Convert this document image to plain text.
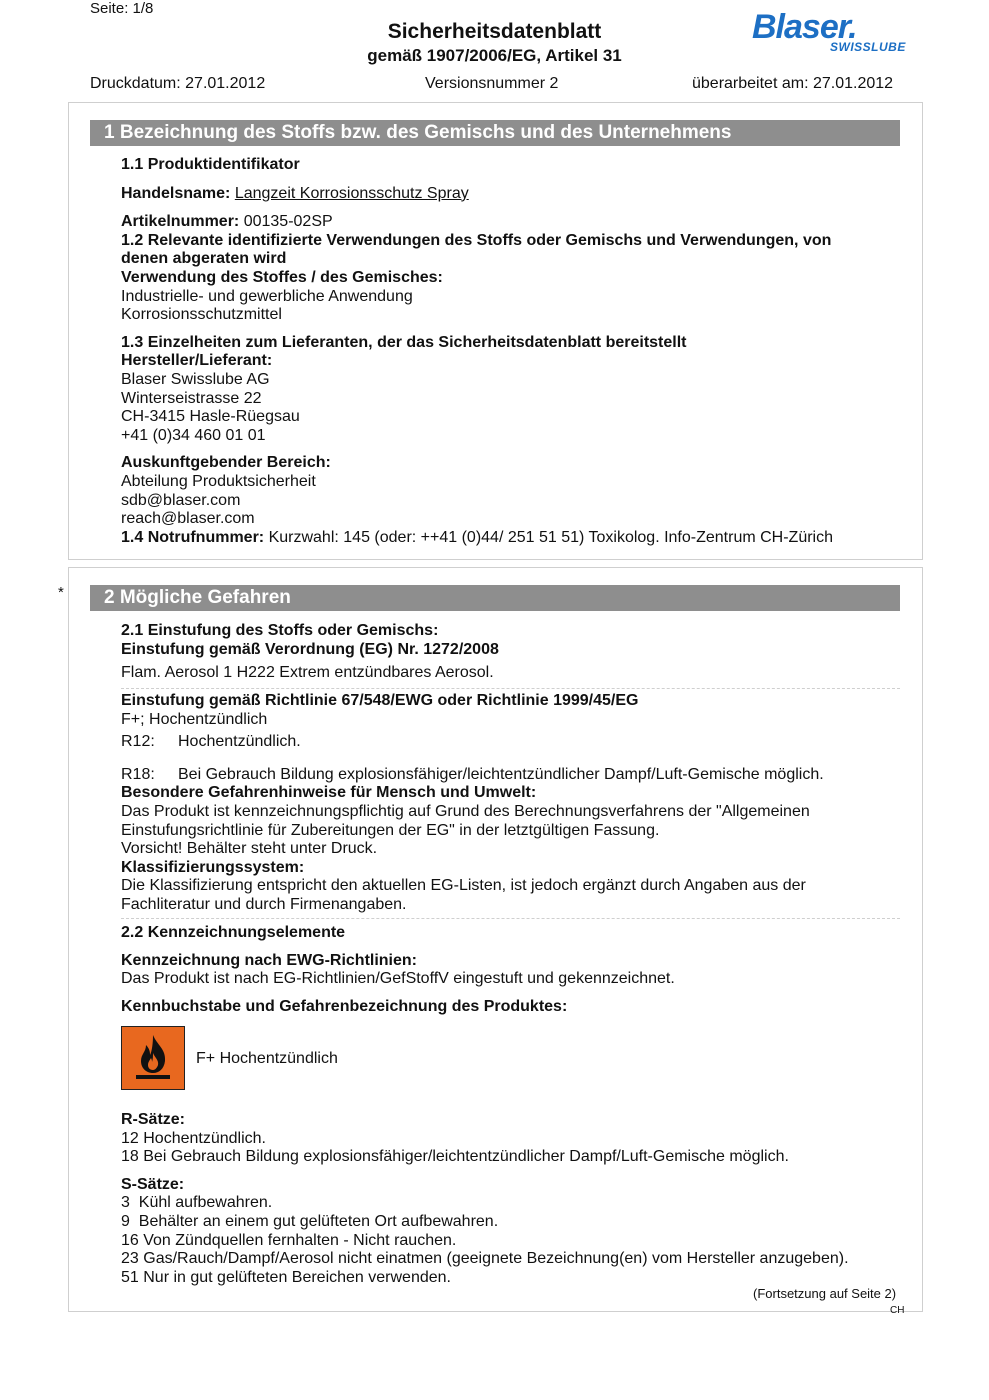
Seite: 1/8
Sicherheitsdatenblatt
gemäß 1907/2006/EG, Artikel 31
Blaser.
SWISSLUBE
Druckdatum: 27.01.2012	Versionsnummer 2	überarbeitet am: 27.01.2012
1 Bezeichnung des Stoffs bzw. des Gemischs und des Unternehmens
1.1 Produktidentifikator
Handelsname: Langzeit Korrosionsschutz Spray
Artikelnummer: 00135-02SP
1.2 Relevante identifizierte Verwendungen des Stoffs oder Gemischs und Verwendungen, von
denen abgeraten wird
Verwendung des Stoffes / des Gemisches:
Industrielle- und gewerbliche Anwendung
Korrosionsschutzmittel
1.3 Einzelheiten zum Lieferanten, der das Sicherheitsdatenblatt bereitstellt
Hersteller/Lieferant:
Blaser Swisslube AG
Winterseistrasse 22
CH-3415 Hasle-Rüegsau
+41 (0)34 460 01 01
Auskunftgebender Bereich:
Abteilung Produktsicherheit
sdb@blaser.com
reach@blaser.com
1.4 Notrufnummer: Kurzwahl: 145 (oder: ++41 (0)44/ 251 51 51) Toxikolog. Info-Zentrum CH-Zürich
*	2 Mögliche Gefahren
2.1 Einstufung des Stoffs oder Gemischs:
Einstufung gemäß Verordnung (EG) Nr. 1272/2008
Flam. Aerosol 1 H222 Extrem entzündbares Aerosol.
Einstufung gemäß Richtlinie 67/548/EWG oder Richtlinie 1999/45/EG
F+; Hochentzündlich
R12: Hochentzündlich.
R18: Bei Gebrauch Bildung explosionsfähiger/leichtentzündlicher Dampf/Luft-Gemische möglich.
Besondere Gefahrenhinweise für Mensch und Umwelt:
Das Produkt ist kennzeichnungspflichtig auf Grund des Berechnungsverfahrens der "Allgemeinen
Einstufungsrichtlinie für Zubereitungen der EG" in der letztgültigen Fassung.
Vorsicht! Behälter steht unter Druck.
Klassifizierungssystem:
Die Klassifizierung entspricht den aktuellen EG-Listen, ist jedoch ergänzt durch Angaben aus der
Fachliteratur und durch Firmenangaben.
2.2 Kennzeichnungselemente
Kennzeichnung nach EWG-Richtlinien:
Das Produkt ist nach EG-Richtlinien/GefStoffV eingestuft und gekennzeichnet.
Kennbuchstabe und Gefahrenbezeichnung des Produktes:
F+ Hochentzündlich
R-Sätze:
12 Hochentzündlich.
18 Bei Gebrauch Bildung explosionsfähiger/leichtentzündlicher Dampf/Luft-Gemische möglich.
S-Sätze:
3  Kühl aufbewahren.
9  Behälter an einem gut gelüfteten Ort aufbewahren.
16 Von Zündquellen fernhalten - Nicht rauchen.
23 Gas/Rauch/Dampf/Aerosol nicht einatmen (geeignete Bezeichnung(en) vom Hersteller anzugeben).
51 Nur in gut gelüfteten Bereichen verwenden.
(Fortsetzung auf Seite 2)
CH
